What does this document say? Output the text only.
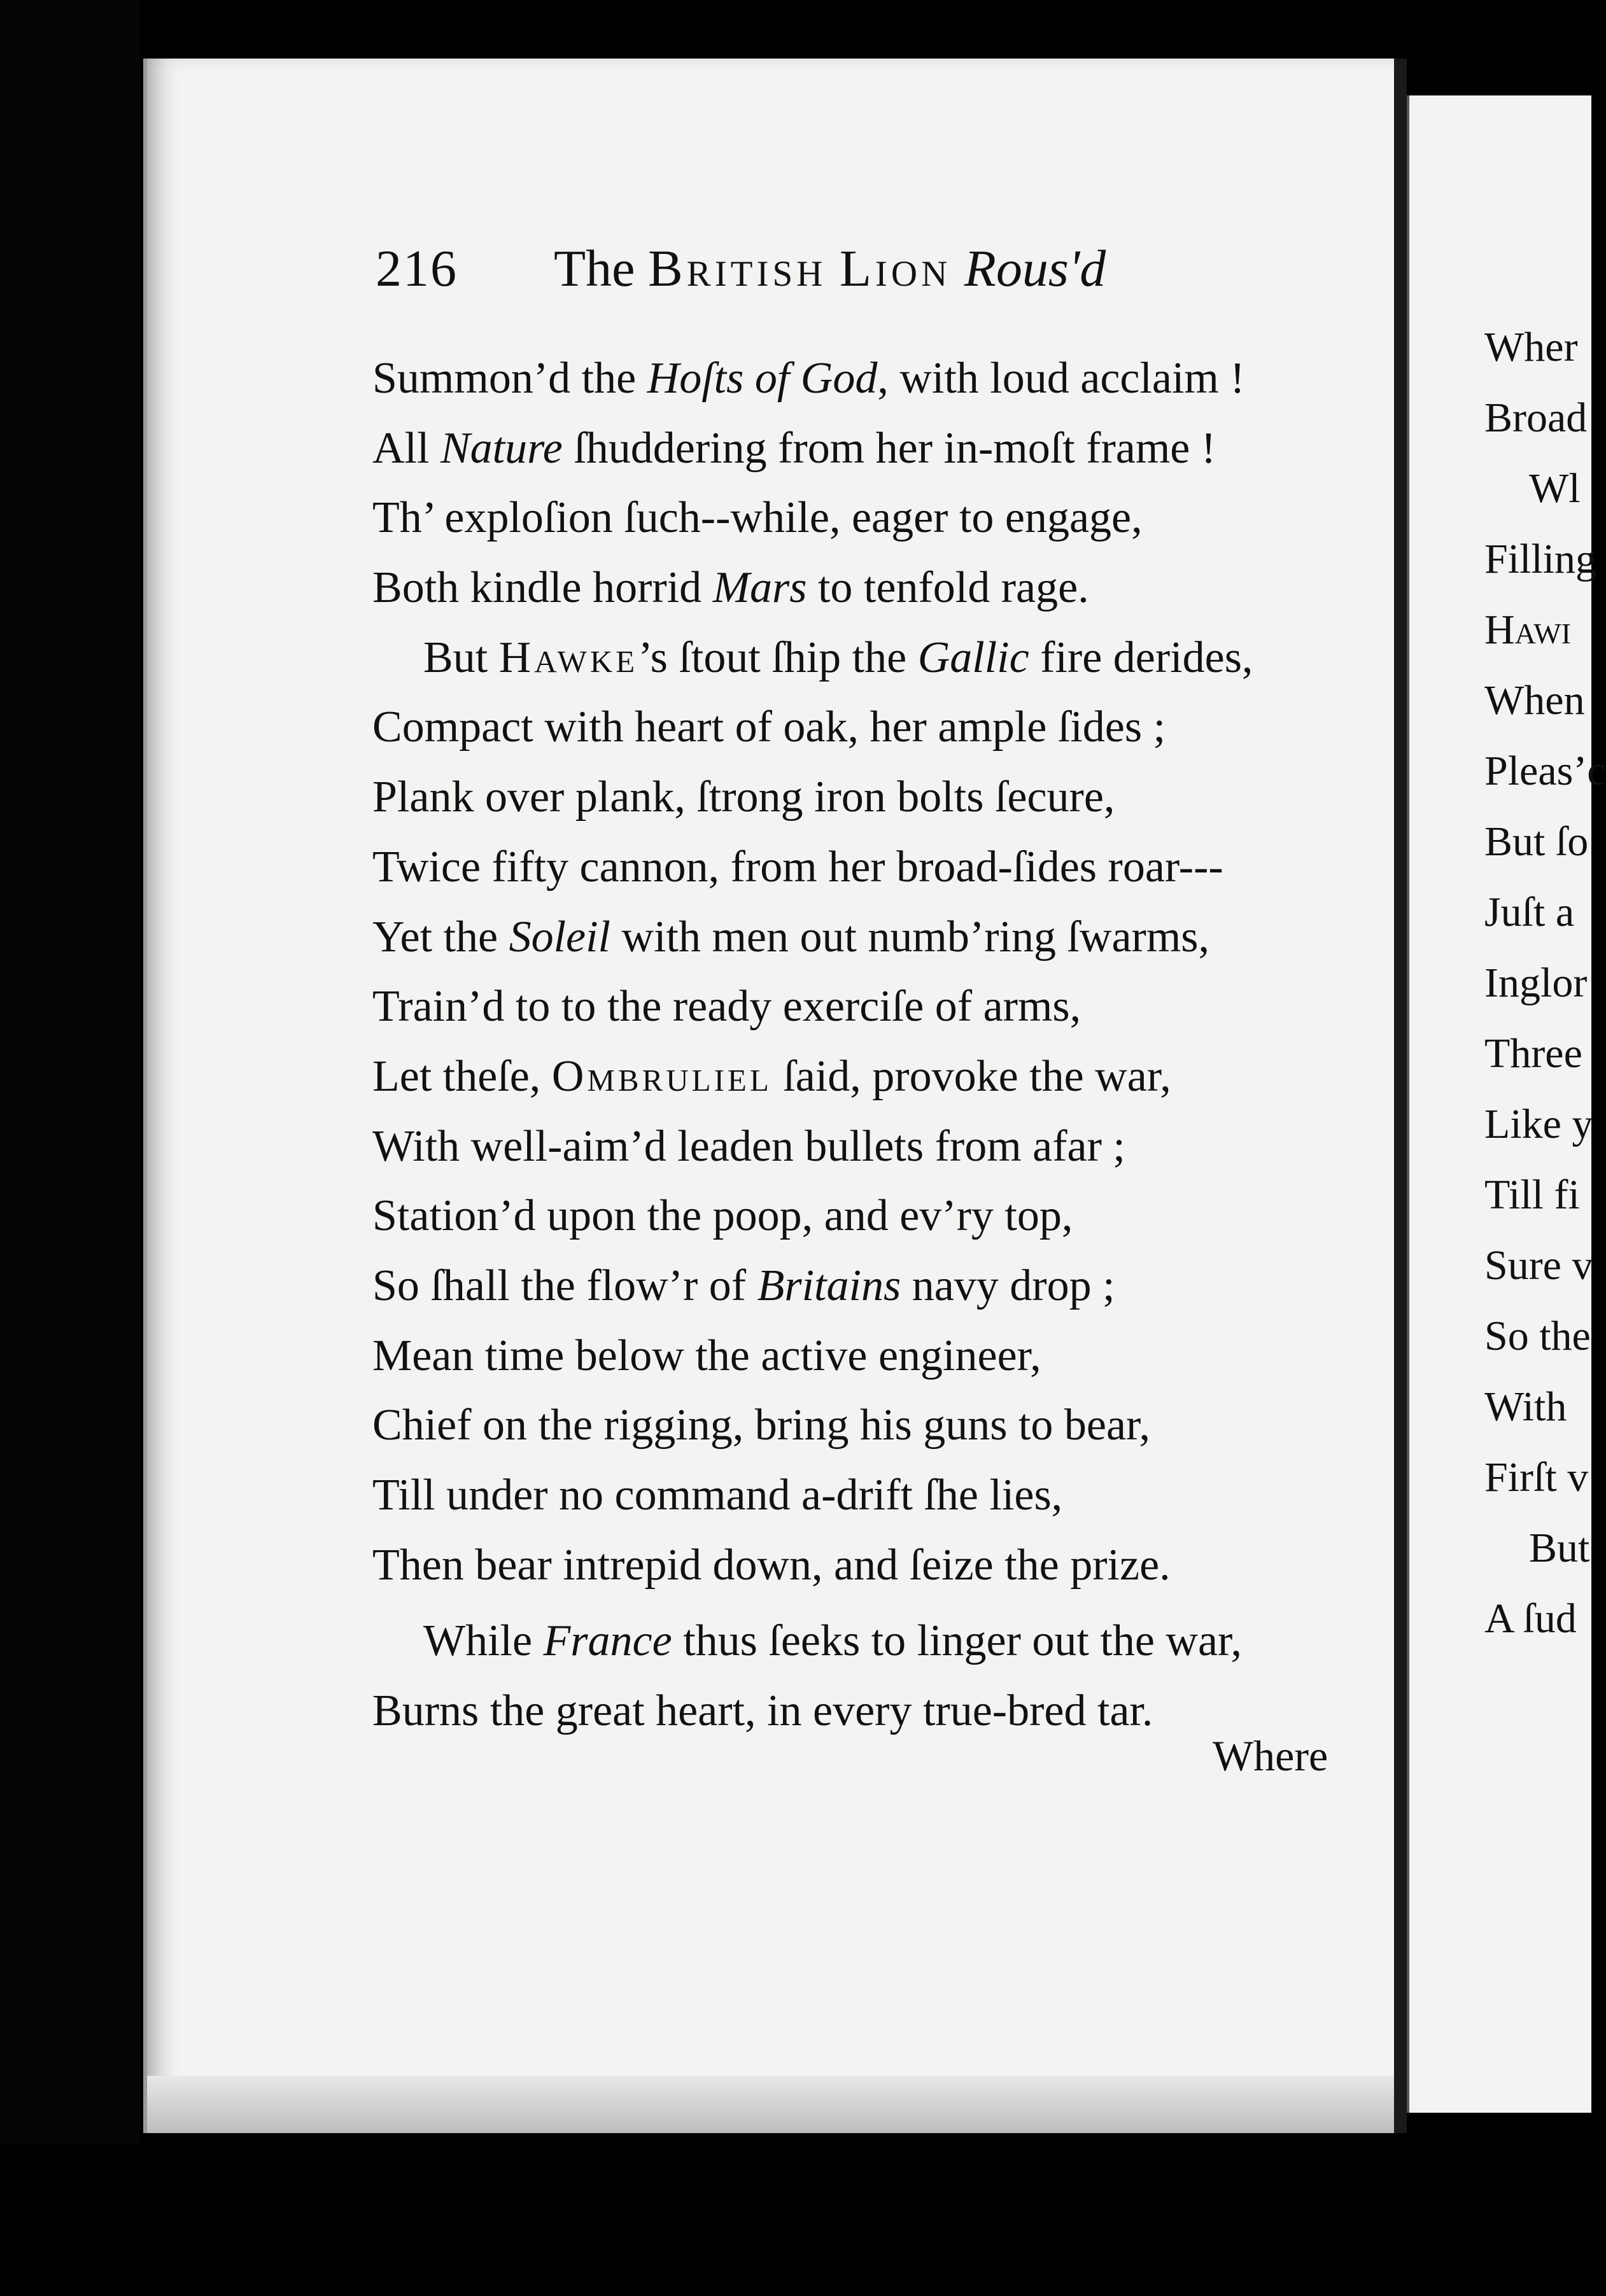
216 The British Lion Rous'd
Summon’d the Hoſts of God, with loud acclaim !
All Nature ſhuddering from her in-moſt frame !
Th’ exploſion ſuch--while, eager to engage,
Both kindle horrid Mars to tenfold rage.
But Hawke’s ſtout ſhip the Gallic fire derides,
Compact with heart of oak, her ample ſides ;
Plank over plank, ſtrong iron bolts ſecure,
Twice fifty cannon, from her broad-ſides roar---
Yet the Soleil with men out numb’ring ſwarms,
Train’d to to the ready exerciſe of arms,
Let theſe, Ombruliel ſaid, provoke the war,
With well-aim’d leaden bullets from afar ;
Station’d upon the poop, and ev’ry top,
So ſhall the flow’r of Britains navy drop ;
Mean time below the active engineer,
Chief on the rigging, bring his guns to bear,
Till under no command a-drift ſhe lies,
Then bear intrepid down, and ſeize the prize.
While France thus ſeeks to linger out the war,
Burns the great heart, in every true-bred tar.
Where
Wher
Broad
Wl
Filling
Hawı
When
Pleas’c
But ſo
Juſt a
Inglor
Three
Like y
Till fi
Sure v
So the
With
Firſt v
But
A ſud
